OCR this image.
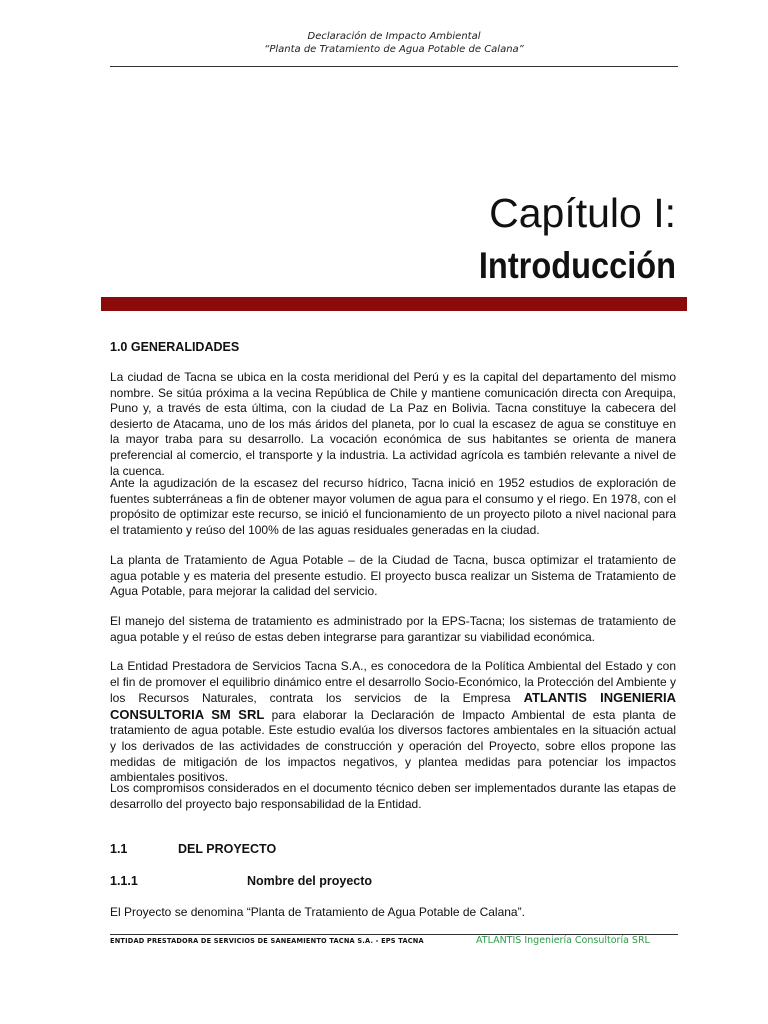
Declaración de Impacto Ambiental
“Planta de Tratamiento de Agua Potable de Calana”
Capítulo I:
Introducción
1.0 GENERALIDADES
La ciudad de Tacna se ubica en la costa meridional del Perú y es la capital del departamento del mismo nombre. Se sitúa próxima a la vecina República de Chile y mantiene comunicación directa con Arequipa, Puno y, a través de esta última, con la ciudad de La Paz en Bolivia. Tacna constituye la cabecera del desierto de Atacama, uno de los más áridos del planeta, por lo cual la escasez de agua se constituye en la mayor traba para su desarrollo. La vocación económica de sus habitantes se orienta de manera preferencial al comercio, el transporte y la industria. La actividad agrícola es también relevante a nivel de la cuenca.
Ante la agudización de la escasez del recurso hídrico, Tacna inició en 1952 estudios de exploración de fuentes subterráneas a fin de obtener mayor volumen de agua para el consumo y el riego. En 1978, con el propósito de optimizar este recurso, se inició el funcionamiento de un proyecto piloto a nivel nacional para el tratamiento y reúso del 100% de las aguas residuales generadas en la ciudad.
La planta de Tratamiento de Agua Potable – de la Ciudad de Tacna, busca optimizar el tratamiento de agua potable y es materia del presente estudio. El proyecto busca realizar un Sistema de Tratamiento de Agua Potable, para mejorar la calidad del servicio.
El manejo del sistema de tratamiento es administrado por la EPS-Tacna; los sistemas de tratamiento de agua potable y el reúso de estas deben integrarse para garantizar su viabilidad económica.
La Entidad Prestadora de Servicios Tacna S.A., es conocedora de la Política Ambiental del Estado y con el fin de promover el equilibrio dinámico entre el desarrollo Socio-Económico, la Protección del Ambiente y los Recursos Naturales, contrata los servicios de la Empresa ATLANTIS INGENIERIA CONSULTORIA SM SRL para elaborar la Declaración de Impacto Ambiental de esta planta de tratamiento de agua potable. Este estudio evalúa los diversos factores ambientales en la situación actual y los derivados de las actividades de construcción y operación del Proyecto, sobre ellos propone las medidas de mitigación de los impactos negativos, y plantea medidas para potenciar los impactos ambientales positivos.
Los compromisos considerados en el documento técnico deben ser implementados durante las etapas de desarrollo del proyecto bajo responsabilidad de la Entidad.
1.1	DEL PROYECTO
1.1.1	Nombre del proyecto
El Proyecto se denomina “Planta de Tratamiento de Agua Potable de Calana”.
ENTIDAD PRESTADORA DE SERVICIOS DE SANEAMIENTO TACNA S.A. - EPS TACNA	ATLANTIS Ingeniería Consultoría SRL
